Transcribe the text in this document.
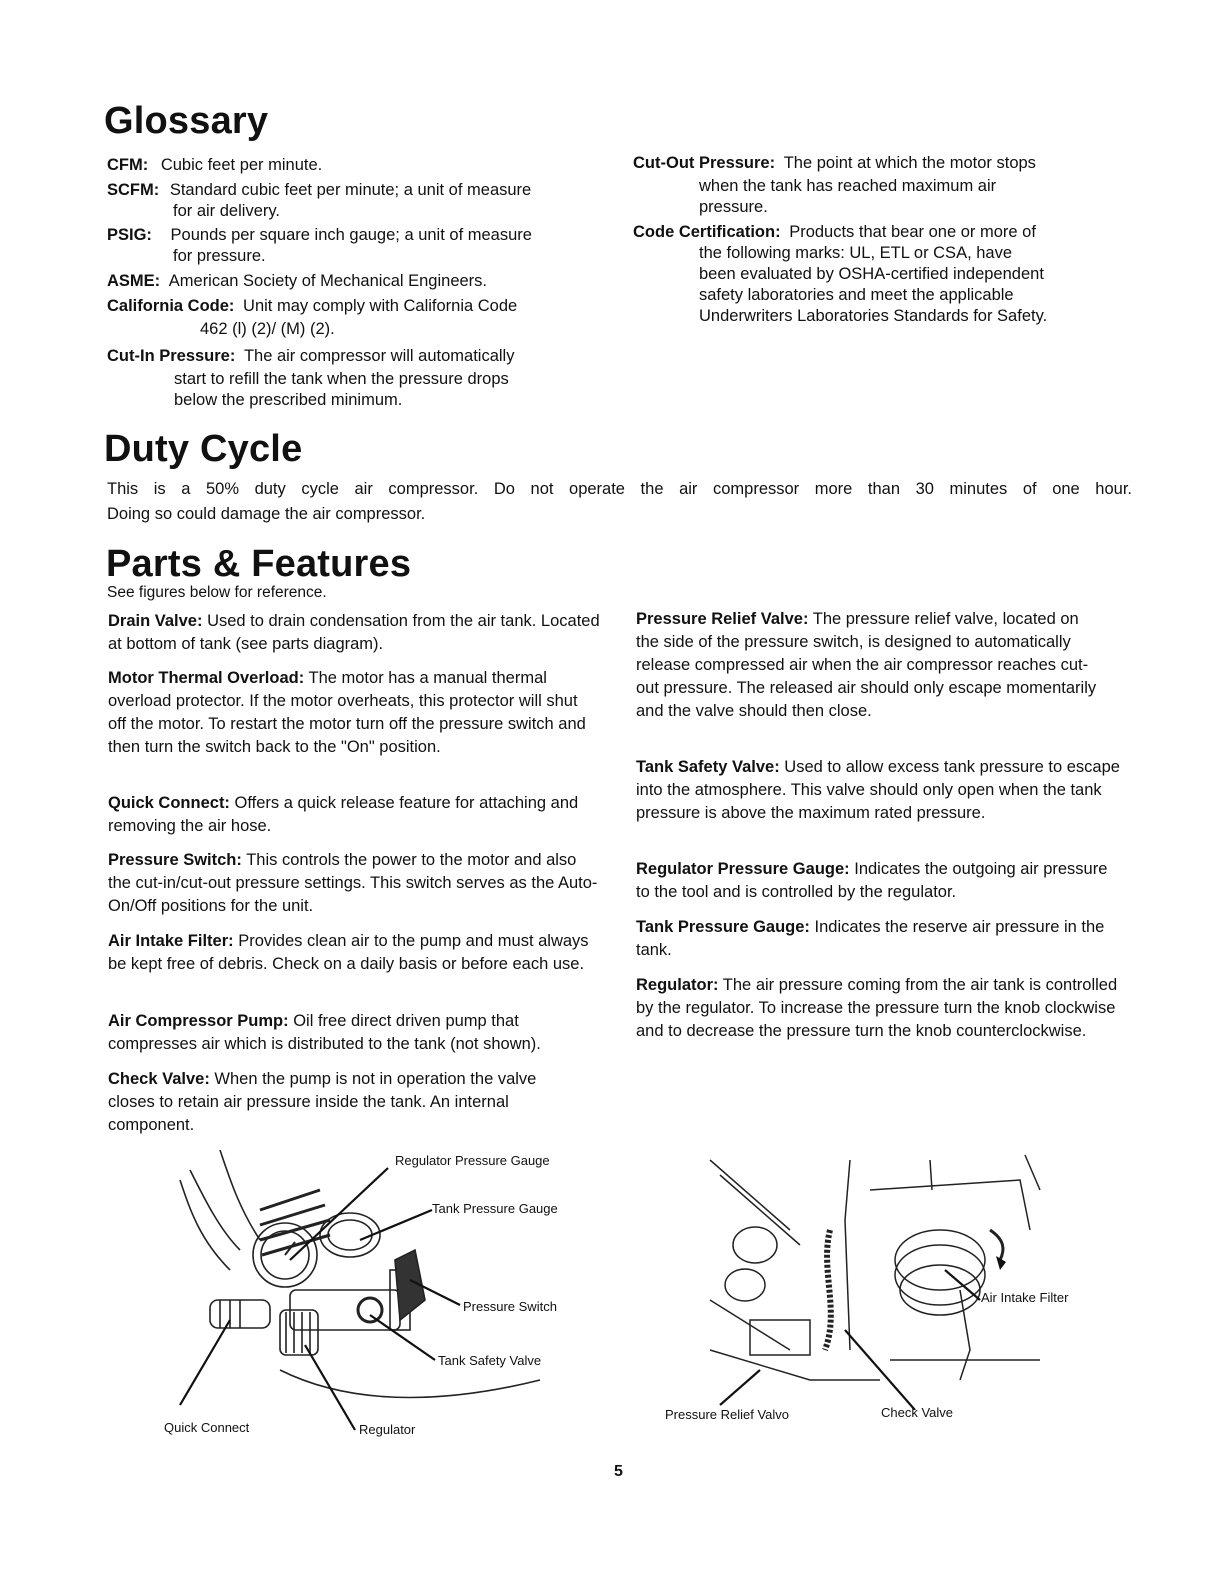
Glossary
CFM: Cubic feet per minute.
SCFM: Standard cubic feet per minute; a unit of measure
for air delivery.
PSIG: Pounds per square inch gauge; a unit of measure
for pressure.
ASME: American Society of Mechanical Engineers.
California Code: Unit may comply with California Code
462 (l) (2)/ (M) (2).
Cut-In Pressure: The air compressor will automatically
start to refill the tank when the pressure drops
below the prescribed minimum.
Cut-Out Pressure: The point at which the motor stops
when the tank has reached maximum air
pressure.
Code Certification: Products that bear one or more of
the following marks: UL, ETL or CSA, have
been evaluated by OSHA-certified independent
safety laboratories and meet the applicable
Underwriters Laboratories Standards for Safety.
Duty Cycle
This is a 50% duty cycle air compressor. Do not operate the air compressor more than 30 minutes of one hour.
Doing so could damage the air compressor.
Parts & Features
See figures below for reference.
Drain Valve: Used to drain condensation from the air tank. Located at bottom of tank (see parts diagram).
Motor Thermal Overload: The motor has a manual thermal overload protector. If the motor overheats, this protector will shut off the motor. To restart the motor turn off the pressure switch and then turn the switch back to the "On" position.
Quick Connect: Offers a quick release feature for attaching and removing the air hose.
Pressure Switch: This controls the power to the motor and also the cut-in/cut-out pressure settings. This switch serves as the Auto-On/Off positions for the unit.
Air Intake Filter: Provides clean air to the pump and must always be kept free of debris. Check on a daily basis or before each use.
Air Compressor Pump: Oil free direct driven pump that compresses air which is distributed to the tank (not shown).
Check Valve: When the pump is not in operation the valve closes to retain air pressure inside the tank. An internal component.
Pressure Relief Valve: The pressure relief valve, located on the side of the pressure switch, is designed to automatically release compressed air when the air compressor reaches cut-out pressure. The released air should only escape momentarily and the valve should then close.
Tank Safety Valve: Used to allow excess tank pressure to escape into the atmosphere. This valve should only open when the tank pressure is above the maximum rated pressure.
Regulator Pressure Gauge: Indicates the outgoing air pressure to the tool and is controlled by the regulator.
Tank Pressure Gauge: Indicates the reserve air pressure in the tank.
Regulator: The air pressure coming from the air tank is controlled by the regulator. To increase the pressure turn the knob clockwise and to decrease the pressure turn the knob counterclockwise.
Regulator Pressure Gauge
Tank Pressure Gauge
Pressure Switch
Tank Safety Valve
Quick Connect	Regulator
Air Intake Filter
Pressure Relief Valvo	Check Valve
5
